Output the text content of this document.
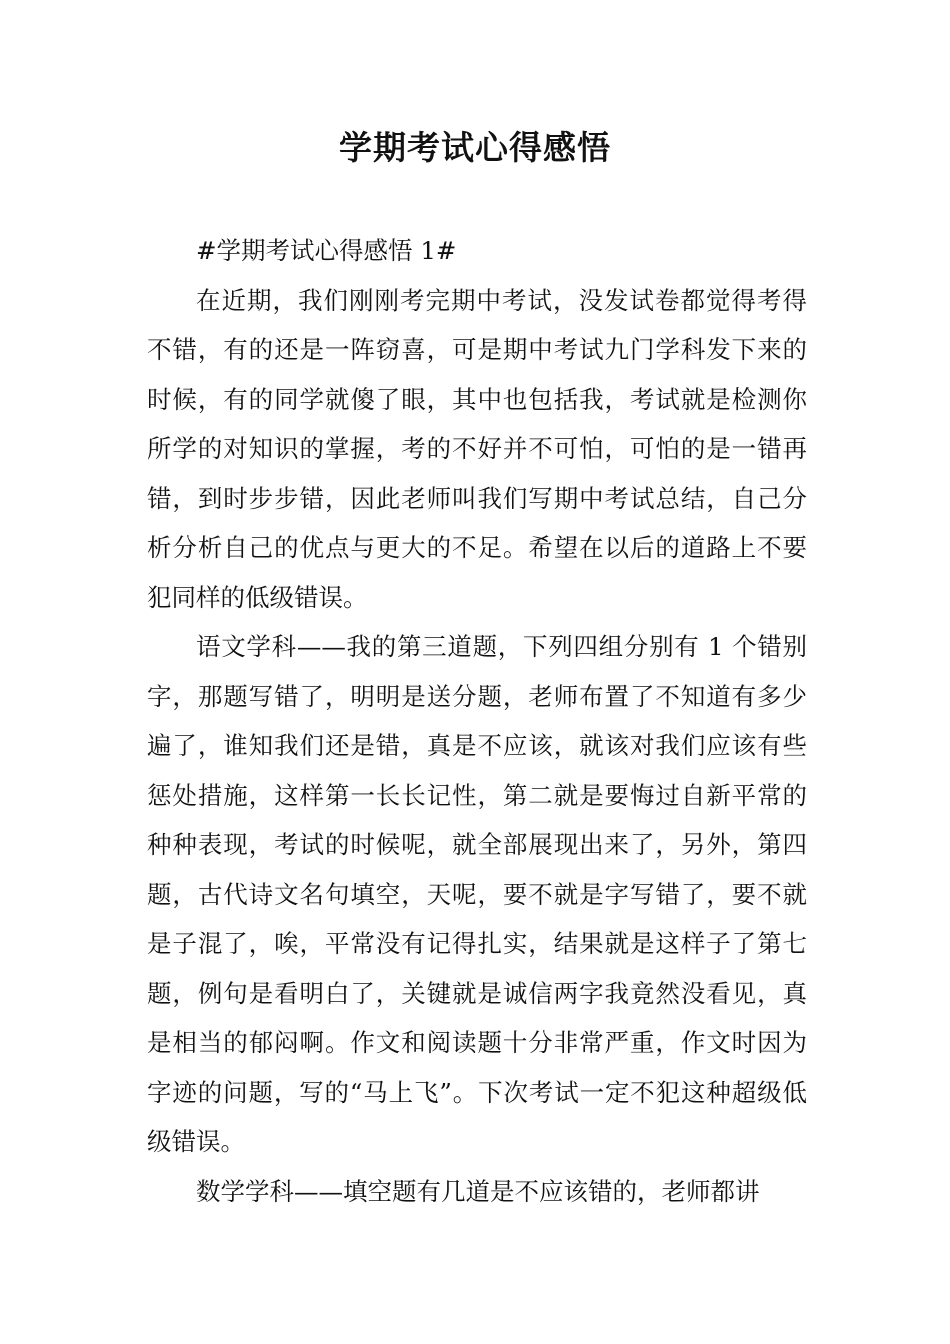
学期考试心得感悟

#学期考试心得感悟 1#

在近期，我们刚刚考完期中考试，没发试卷都觉得考得不错，有的还是一阵窃喜，可是期中考试九门学科发下来的时候，有的同学就傻了眼，其中也包括我，考试就是检测你所学的对知识的掌握，考的不好并不可怕，可怕的是一错再错，到时步步错，因此老师叫我们写期中考试总结，自己分析分析自己的优点与更大的不足。希望在以后的道路上不要犯同样的低级错误。

语文学科——我的第三道题，下列四组分别有 1 个错别字，那题写错了，明明是送分题，老师布置了不知道有多少遍了，谁知我们还是错，真是不应该，就该对我们应该有些惩处措施，这样第一长长记性，第二就是要悔过自新平常的种种表现，考试的时候呢，就全部展现出来了，另外，第四题，古代诗文名句填空，天呢，要不就是字写错了，要不就是子混了，唉，平常没有记得扎实，结果就是这样子了第七题，例句是看明白了，关键就是诚信两字我竟然没看见，真是相当的郁闷啊。作文和阅读题十分非常严重，作文时因为字迹的问题，写的“马上飞”。下次考试一定不犯这种超级低级错误。

数学学科——填空题有几道是不应该错的，老师都讲
